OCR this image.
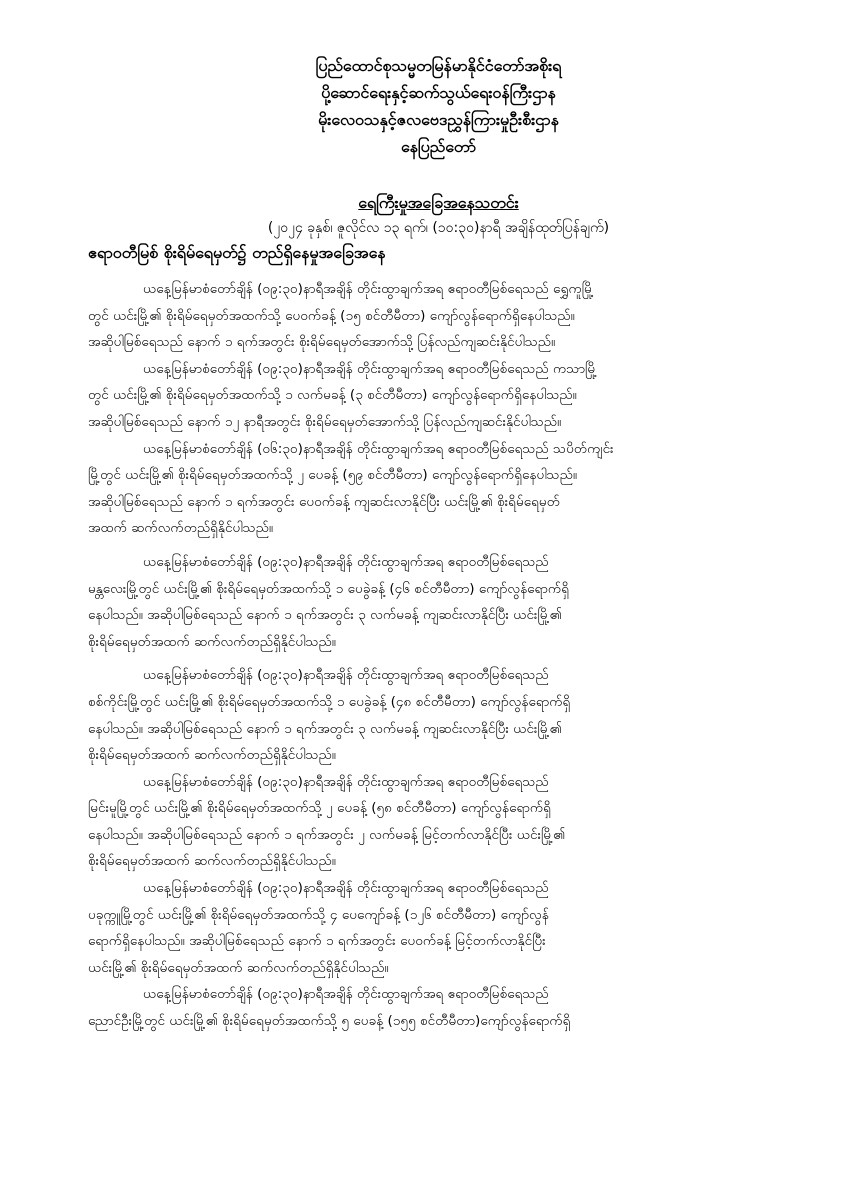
ပြည်ထောင်စုသမ္မတမြန်မာနိုင်ငံတော်အစိုးရ
ပို့ဆောင်ရေးနှင့်ဆက်သွယ်ရေးဝန်ကြီးဌာန
မိုးလေဝသနှင့်ဇလဗေဒညွှန်ကြားမှုဦးစီးဌာန
နေပြည်တော်
ရေကြီးမှုအခြေအနေသတင်း
(၂၀၂၄ ခုနှစ်၊ ဇူလိုင်လ ၁၃ ရက်၊ (၁၀:၃၀)နာရီ အချိန်ထုတ်ပြန်ချက်)
ဧရာဝတီမြစ် စိုးရိမ်ရေမှတ်၌ တည်ရှိနေမှုအခြေအနေ

ယနေ့မြန်မာစံတော်ချိန် (၀၉:၃၀)နာရီအချိန် တိုင်းထွာချက်အရ ဧရာဝတီမြစ်ရေသည် ရွှေကူမြို့
တွင် ယင်းမြို့၏ စိုးရိမ်ရေမှတ်အထက်သို့ ပေဝက်ခန့် (၁၅ စင်တီမီတာ) ကျော်လွန်ရောက်ရှိနေပါသည်။
အဆိုပါမြစ်ရေသည် နောက် ၁ ရက်အတွင်း စိုးရိမ်ရေမှတ်အောက်သို့ ပြန်လည်ကျဆင်းနိုင်ပါသည်။

ယနေ့မြန်မာစံတော်ချိန် (၀၉:၃၀)နာရီအချိန် တိုင်းထွာချက်အရ ဧရာဝတီမြစ်ရေသည် ကသာမြို့
တွင် ယင်းမြို့၏ စိုးရိမ်ရေမှတ်အထက်သို့ ၁ လက်မခန့် (၃ စင်တီမီတာ) ကျော်လွန်ရောက်ရှိနေပါသည်။
အဆိုပါမြစ်ရေသည် နောက် ၁၂ နာရီအတွင်း စိုးရိမ်ရေမှတ်အောက်သို့ ပြန်လည်ကျဆင်းနိုင်ပါသည်။

ယနေ့မြန်မာစံတော်ချိန် (၀၆:၃၀)နာရီအချိန် တိုင်းထွာချက်အရ ဧရာဝတီမြစ်ရေသည် သပိတ်ကျင်း
မြို့တွင် ယင်းမြို့၏ စိုးရိမ်ရေမှတ်အထက်သို့ ၂ ပေခန့် (၅၉ စင်တီမီတာ) ကျော်လွန်ရောက်ရှိနေပါသည်။
အဆိုပါမြစ်ရေသည် နောက် ၁ ရက်အတွင်း ပေဝက်ခန့် ကျဆင်းလာနိုင်ပြီး ယင်းမြို့၏ စိုးရိမ်ရေမှတ်
အထက် ဆက်လက်တည်ရှိနိုင်ပါသည်။

ယနေ့မြန်မာစံတော်ချိန် (၀၉:၃၀)နာရီအချိန် တိုင်းထွာချက်အရ ဧရာဝတီမြစ်ရေသည်
မန္တလေးမြို့တွင် ယင်းမြို့၏ စိုးရိမ်ရေမှတ်အထက်သို့ ၁ ပေခွဲခန့် (၄၆ စင်တီမီတာ) ကျော်လွန်ရောက်ရှိ
နေပါသည်။ အဆိုပါမြစ်ရေသည် နောက် ၁ ရက်အတွင်း ၃ လက်မခန့် ကျဆင်းလာနိုင်ပြီး ယင်းမြို့၏
စိုးရိမ်ရေမှတ်အထက် ဆက်လက်တည်ရှိနိုင်ပါသည်။

ယနေ့မြန်မာစံတော်ချိန် (၀၉:၃၀)နာရီအချိန် တိုင်းထွာချက်အရ ဧရာဝတီမြစ်ရေသည်
စစ်ကိုင်းမြို့တွင် ယင်းမြို့၏ စိုးရိမ်ရေမှတ်အထက်သို့ ၁ ပေခွဲခန့် (၄၈ စင်တီမီတာ) ကျော်လွန်ရောက်ရှိ
နေပါသည်။ အဆိုပါမြစ်ရေသည် နောက် ၁ ရက်အတွင်း ၃ လက်မခန့် ကျဆင်းလာနိုင်ပြီး ယင်းမြို့၏
စိုးရိမ်ရေမှတ်အထက် ဆက်လက်တည်ရှိနိုင်ပါသည်။

ယနေ့မြန်မာစံတော်ချိန် (၀၉:၃၀)နာရီအချိန် တိုင်းထွာချက်အရ ဧရာဝတီမြစ်ရေသည်
မြင်းမူမြို့တွင် ယင်းမြို့၏ စိုးရိမ်ရေမှတ်အထက်သို့ ၂ ပေခန့် (၅၈ စင်တီမီတာ) ကျော်လွန်ရောက်ရှိ
နေပါသည်။ အဆိုပါမြစ်ရေသည် နောက် ၁ ရက်အတွင်း ၂ လက်မခန့် မြင့်တက်လာနိုင်ပြီး ယင်းမြို့၏
စိုးရိမ်ရေမှတ်အထက် ဆက်လက်တည်ရှိနိုင်ပါသည်။

ယနေ့မြန်မာစံတော်ချိန် (၀၉:၃၀)နာရီအချိန် တိုင်းထွာချက်အရ ဧရာဝတီမြစ်ရေသည်
ပခုက္ကူမြို့တွင် ယင်းမြို့၏ စိုးရိမ်ရေမှတ်အထက်သို့ ၄ ပေကျော်ခန့် (၁၂၆ စင်တီမီတာ) ကျော်လွန်
ရောက်ရှိနေပါသည်။ အဆိုပါမြစ်ရေသည် နောက် ၁ ရက်အတွင်း ပေဝက်ခန့် မြင့်တက်လာနိုင်ပြီး
ယင်းမြို့၏ စိုးရိမ်ရေမှတ်အထက် ဆက်လက်တည်ရှိနိုင်ပါသည်။

ယနေ့မြန်မာစံတော်ချိန် (၀၉:၃၀)နာရီအချိန် တိုင်းထွာချက်အရ ဧရာဝတီမြစ်ရေသည်
ညောင်ဦးမြို့တွင် ယင်းမြို့၏ စိုးရိမ်ရေမှတ်အထက်သို့ ၅ ပေခန့် (၁၅၅ စင်တီမီတာ)ကျော်လွန်ရောက်ရှိ
